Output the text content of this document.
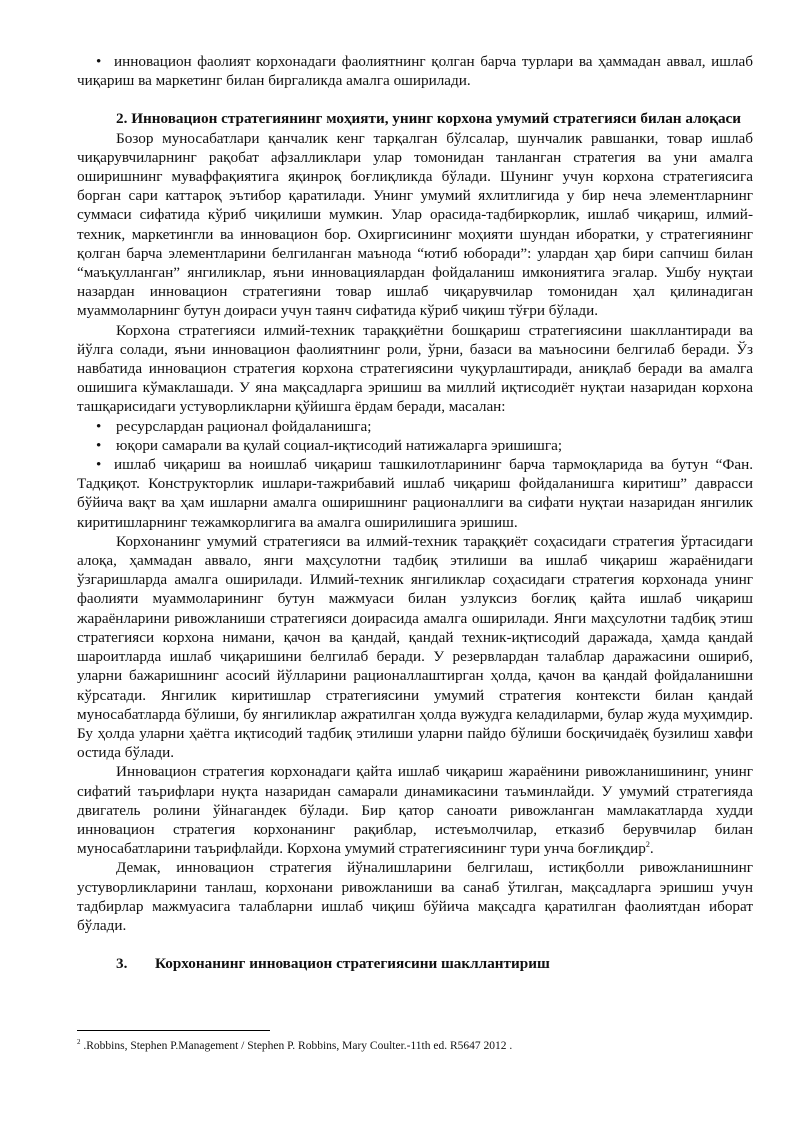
• инновацион фаолият корхонадаги фаолиятнинг қолган барча турлари ва ҳаммадан аввал, ишлаб чиқариш ва маркетинг билан биргаликда амалга оширилади.

2. Инновацион стратегиянинг моҳияти, унинг корхона умумий стратегияси билан алоқаси

Бозор муносабатлари қанчалик кенг тарқалган бўлсалар, шунчалик равшанки, товар ишлаб чиқарувчиларнинг рақобат афзалликлари улар томонидан танланган стратегия ва уни амалга оширишнинг муваффақиятига яқинроқ боғлиқликда бўлади. Шунинг учун корхона стратегиясига борган сари каттароқ эътибор қаратилади. Унинг умумий яхлитлигида у бир неча элементларнинг суммаси сифатида кўриб чиқилиши мумкин. Улар орасида-тадбиркорлик, ишлаб чиқариш, илмий-техник, маркетингли ва инновацион бор. Охиргисининг моҳияти шундан иборатки, у стратегиянинг қолган барча элементларини белгиланган маънода “ютиб юборади”: улардан ҳар бири сапчиш билан “маъқулланган” янгиликлар, яъни инновациялардан фойдаланиш имкониятига эгалар. Ушбу нуқтаи назардан инновацион стратегияни товар ишлаб чиқарувчилар томонидан ҳал қилинадиган муаммоларнинг бутун доираси учун таянч сифатида кўриб чиқиш тўғри бўлади.

Корхона стратегияси илмий-техник тараққиётни бошқариш стратегиясини шакллантиради ва йўлга солади, яъни инновацион фаолиятнинг роли, ўрни, базаси ва маъносини белгилаб беради. Ўз навбатида инновацион стратегия корхона стратегиясини чуқурлаштиради, аниқлаб беради ва амалга ошишига кўмаклашади. У яна мақсадларга эришиш ва миллий иқтисодиёт нуқтаи назаридан корхона ташқарисидаги устуворликларни қўйишга ёрдам беради, масалан:

• ресурслардан рационал фойдаланишга;
• юқори самарали ва қулай социал-иқтисодий натижаларга эришишга;

• ишлаб чиқариш ва ноишлаб чиқариш ташкилотларининг барча тармоқларида ва бутун “Фан. Тадқиқот. Конструкторлик ишлари-тажрибавий ишлаб чиқариш фойдаланишга киритиш” даврасси бўйича вақт ва ҳам ишларни амалга оширишнинг рационаллиги ва сифати нуқтаи назаридан янгилик киритишларнинг тежамкорлигига ва амалга оширилишига эришиш.

Корхонанинг умумий стратегияси ва илмий-техник тараққиёт соҳасидаги стратегия ўртасидаги алоқа, ҳаммадан аввало, янги маҳсулотни тадбиқ этилиши ва ишлаб чиқариш жараёнидаги ўзгаришларда амалга оширилади. Илмий-техник янгиликлар соҳасидаги стратегия корхонада унинг фаолияти муаммоларининг бутун мажмуаси билан узлуксиз боғлиқ қайта ишлаб чиқариш жараёнларини ривожланиши стратегияси доирасида амалга оширилади. Янги маҳсулотни тадбиқ этиш стратегияси корхона нимани, қачон ва қандай, қандай техник-иқтисодий даражада, ҳамда қандай шароитларда ишлаб чиқаришини белгилаб беради. У резервлардан талаблар даражасини ошириб, уларни бажаришнинг асосий йўлларини рационаллаштирган ҳолда, қачон ва қандай фойдаланишни кўрсатади. Янгилик киритишлар стратегиясини умумий стратегия контексти билан қандай муносабатларда бўлиши, бу янгиликлар ажратилган ҳолда вужудга келадиларми, булар жуда муҳимдир. Бу ҳолда уларни ҳаётга иқтисодий тадбиқ этилиши уларни пайдо бўлиши босқичидаёқ бузилиш хавфи остида бўлади.

Инновацион стратегия корхонадаги қайта ишлаб чиқариш жараёнини ривожланишининг, унинг сифатий таърифлари нуқта назаридан самарали динамикасини таъминлайди. У умумий стратегияда двигатель ролини ўйнагандек бўлади. Бир қатор саноати ривожланган мамлакатларда худди инновацион стратегия корхонанинг рақиблар, истеъмолчилар, етказиб берувчилар билан муносабатларини таърифлайди. Корхона умумий стратегиясининг тури унча боғлиқдир$^2$.

Демак, инновацион стратегия йўналишларини белгилаш, истиқболли ривожланишнинг устуворликларини танлаш, корхонани ривожланиши ва санаб ўтилган, мақсадларга эришиш учун тадбирлар мажмуасига талабларни ишлаб чиқиш бўйича мақсадга қаратилган фаолиятдан иборат бўлади.

3. Корхонанинг инновацион стратегиясини шакллантириш

$^2$ .Robbins, Stephen P.Management / Stephen P. Robbins, Mary Coulter.-11th ed. R5647 2012 .
